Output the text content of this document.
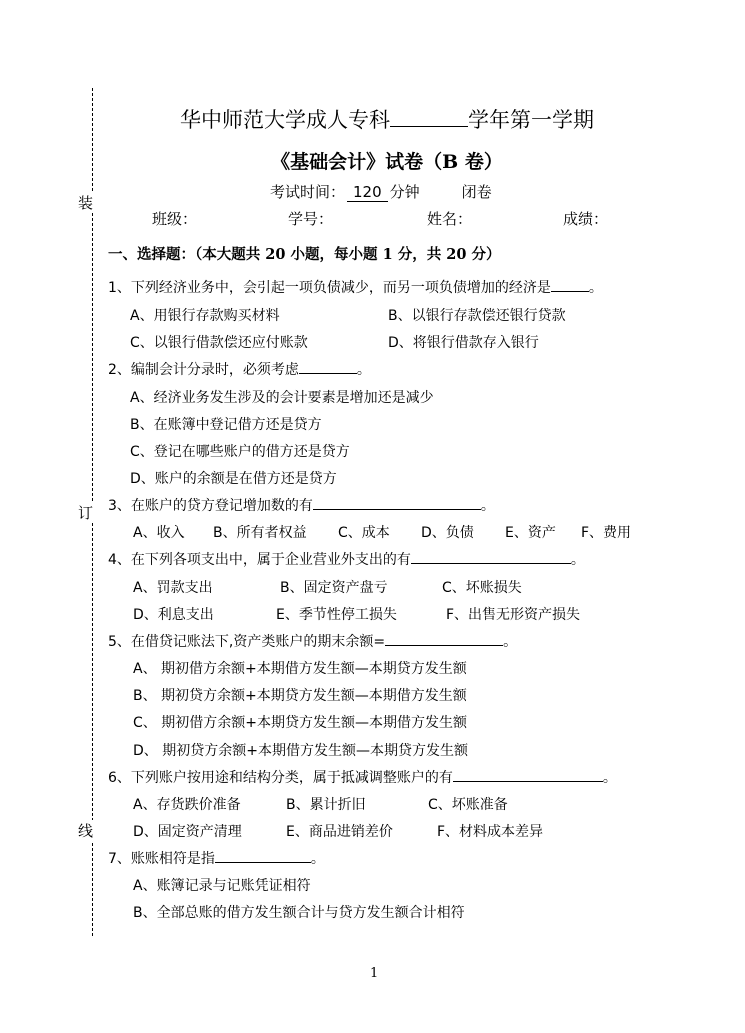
装
订
线
华中师范大学成人专科	学年第一学期
《基础会计》试卷（B 卷）
考试时间： 120 分钟	闭卷
班级：	学号：	姓名：	成绩：
一、选择题：（本大题共 20 小题，每小题 1 分，共 20 分）
1、下列经济业务中，会引起一项负债减少，而另一项负债增加的经济是	。
A、用银行存款购买材料	B、以银行存款偿还银行贷款
C、以银行借款偿还应付账款	D、将银行借款存入银行
2、编制会计分录时，必须考虑	。
A、经济业务发生涉及的会计要素是增加还是减少
B、在账簿中登记借方还是贷方
C、登记在哪些账户的借方还是贷方
D、账户的余额是在借方还是贷方
3、在账户的贷方登记增加数的有	。
A、收入 B、所有者权益 C、成本 D、负债 E、资产 F、费用
4、在下列各项支出中，属于企业营业外支出的有	。
A、罚款支出	B、固定资产盘亏	C、坏账损失
D、利息支出	E、季节性停工损失	F、出售无形资产损失
5、在借贷记账法下,资产类账户的期末余额=	。
A、 期初借方余额+本期借方发生额—本期贷方发生额
B、 期初贷方余额+本期贷方发生额—本期借方发生额
C、 期初借方余额+本期贷方发生额—本期借方发生额
D、 期初贷方余额+本期借方发生额—本期贷方发生额
6、下列账户按用途和结构分类，属于抵减调整账户的有	。
A、存货跌价准备	B、累计折旧	C、坏账准备
D、固定资产清理	E、商品进销差价	F、材料成本差异
7、账账相符是指	。
A、账簿记录与记账凭证相符
B、全部总账的借方发生额合计与贷方发生额合计相符
1
